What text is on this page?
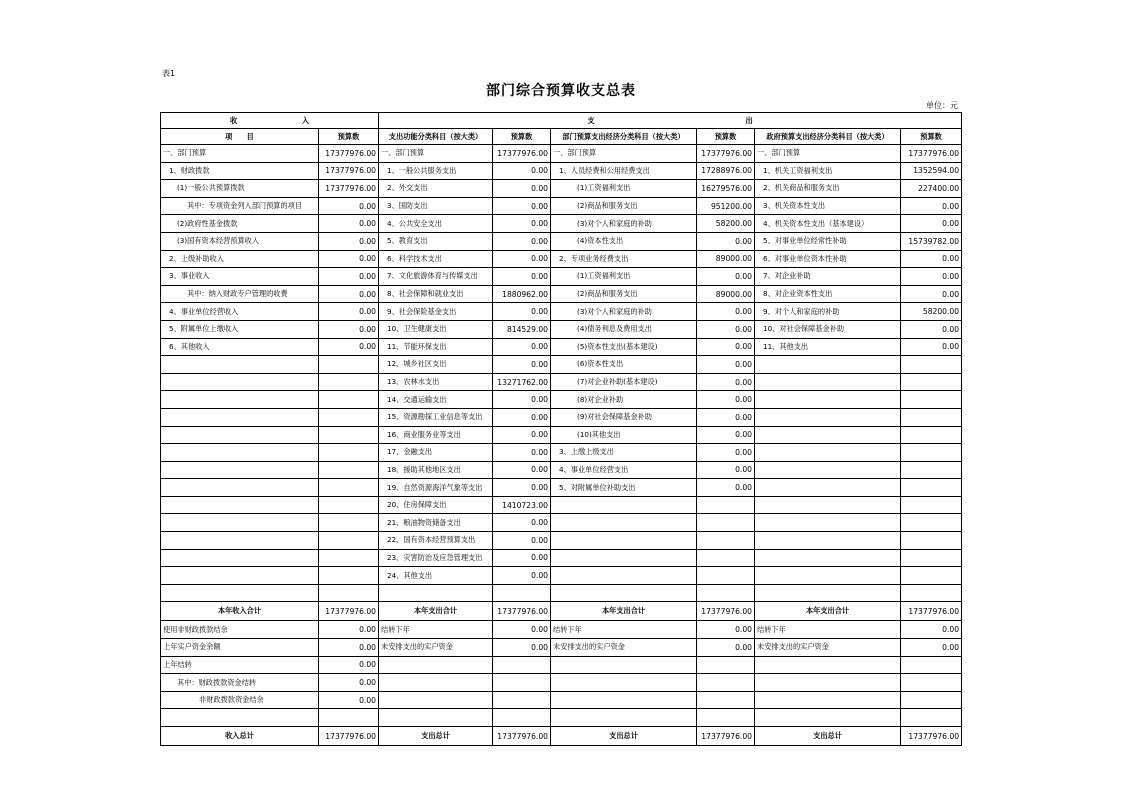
表1
部门综合预算收支总表
单位：元
收　　　　　　　　　入		支　　　　　　　　　　　　　　　　　　　　　出					
项　　目	预算数	支出功能分类科目（按大类）	预算数	部门预算支出经济分类科目（按大类）	预算数	政府预算支出经济分类科目（按大类）	预算数
一、部门预算	17377976.00	一、部门预算	17377976.00	一、部门预算	17377976.00	一、部门预算	17377976.00
1、财政拨款	17377976.00	1、一般公共服务支出	0.00	1、人员经费和公用经费支出	17288976.00	1、机关工资福利支出	1352594.00
(1)一般公共预算拨款	17377976.00	2、外交支出	0.00	(1)工资福利支出	16279576.00	2、机关商品和服务支出	227400.00
其中：专项资金列入部门预算的项目	0.00	3、国防支出	0.00	(2)商品和服务支出	951200.00	3、机关资本性支出	0.00
(2)政府性基金拨款	0.00	4、公共安全支出	0.00	(3)对个人和家庭的补助	58200.00	4、机关资本性支出（基本建设）	0.00
(3)国有资本经营预算收入	0.00	5、教育支出	0.00	(4)资本性支出	0.00	5、对事业单位经常性补助	15739782.00
2、上级补助收入	0.00	6、科学技术支出	0.00	2、专项业务经费支出	89000.00	6、对事业单位资本性补助	0.00
3、事业收入	0.00	7、文化旅游体育与传媒支出	0.00	(1)工资福利支出	0.00	7、对企业补助	0.00
其中：纳入财政专户管理的收费	0.00	8、社会保障和就业支出	1880962.00	(2)商品和服务支出	89000.00	8、对企业资本性支出	0.00
4、事业单位经营收入	0.00	9、社会保险基金支出	0.00	(3)对个人和家庭的补助	0.00	9、对个人和家庭的补助	58200.00
5、附属单位上缴收入	0.00	10、卫生健康支出	814529.00	(4)债务利息及费用支出	0.00	10、对社会保障基金补助	0.00
6、其他收入	0.00	11、节能环保支出	0.00	(5)资本性支出(基本建设)	0.00	11、其他支出	0.00
		12、城乡社区支出	0.00	(6)资本性支出	0.00		
		13、农林水支出	13271762.00	(7)对企业补助(基本建设)	0.00		
		14、交通运输支出	0.00	(8)对企业补助	0.00		
		15、资源勘探工业信息等支出	0.00	(9)对社会保障基金补助	0.00		
		16、商业服务业等支出	0.00	(10)其他支出	0.00		
		17、金融支出	0.00	3、上缴上级支出	0.00		
		18、援助其他地区支出	0.00	4、事业单位经营支出	0.00		
		19、自然资源海洋气象等支出	0.00	5、对附属单位补助支出	0.00		
		20、住房保障支出	1410723.00				
		21、粮油物资储备支出	0.00				
		22、国有资本经营预算支出	0.00				
		23、灾害防治及应急管理支出	0.00				
		24、其他支出	0.00				

本年收入合计	17377976.00	本年支出合计	17377976.00	本年支出合计	17377976.00	本年支出合计	17377976.00
使用非财政拨款结余	0.00	结转下年	0.00	结转下年	0.00	结转下年	0.00
上年实户资金余额	0.00	未安排支出的实户资金	0.00	未安排支出的实户资金	0.00	未安排支出的实户资金	0.00
上年结转	0.00						
其中：财政拨款资金结转	0.00						
非财政拨款资金结余	0.00						

收入总计	17377976.00	支出总计	17377976.00	支出总计	17377976.00	支出总计	17377976.00
